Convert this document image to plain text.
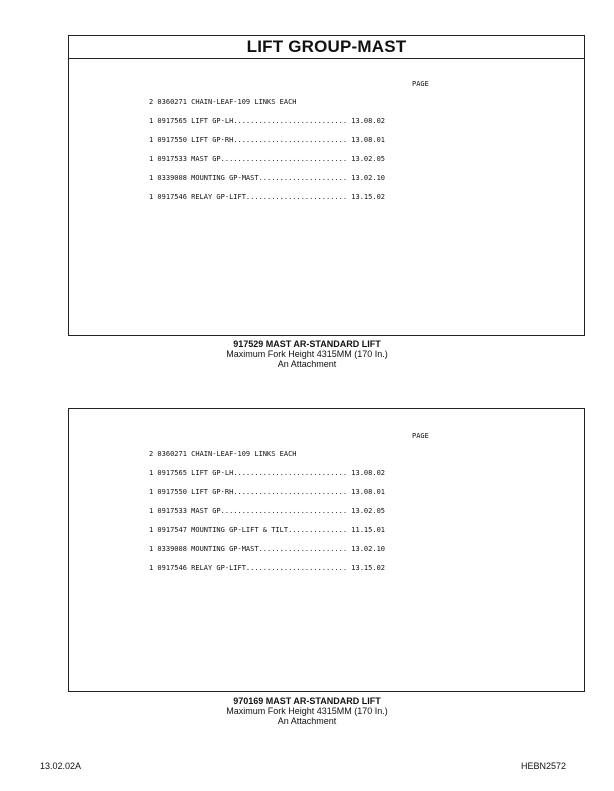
LIFT GROUP-MAST
PAGE
2 0360271 CHAIN-LEAF-109 LINKS EACH
1 0917565 LIFT GP-LH........................... 13.08.02
1 0917550 LIFT GP-RH........................... 13.08.01
1 0917533 MAST GP.............................. 13.02.05
1 0339008 MOUNTING GP-MAST..................... 13.02.10
1 0917546 RELAY GP-LIFT........................ 13.15.02
917529 MAST AR-STANDARD LIFT
Maximum Fork Height 4315MM (170 In.)
An Attachment
PAGE
2 0360271 CHAIN-LEAF-109 LINKS EACH
1 0917565 LIFT GP-LH........................... 13.08.02
1 0917550 LIFT GP-RH........................... 13.08.01
1 0917533 MAST GP.............................. 13.02.05
1 0917547 MOUNTING GP-LIFT & TILT.............. 11.15.01
1 0339008 MOUNTING GP-MAST..................... 13.02.10
1 0917546 RELAY GP-LIFT........................ 13.15.02
970169 MAST AR-STANDARD LIFT
Maximum Fork Height 4315MM (170 In.)
An Attachment
13.02.02A	HEBN2572
